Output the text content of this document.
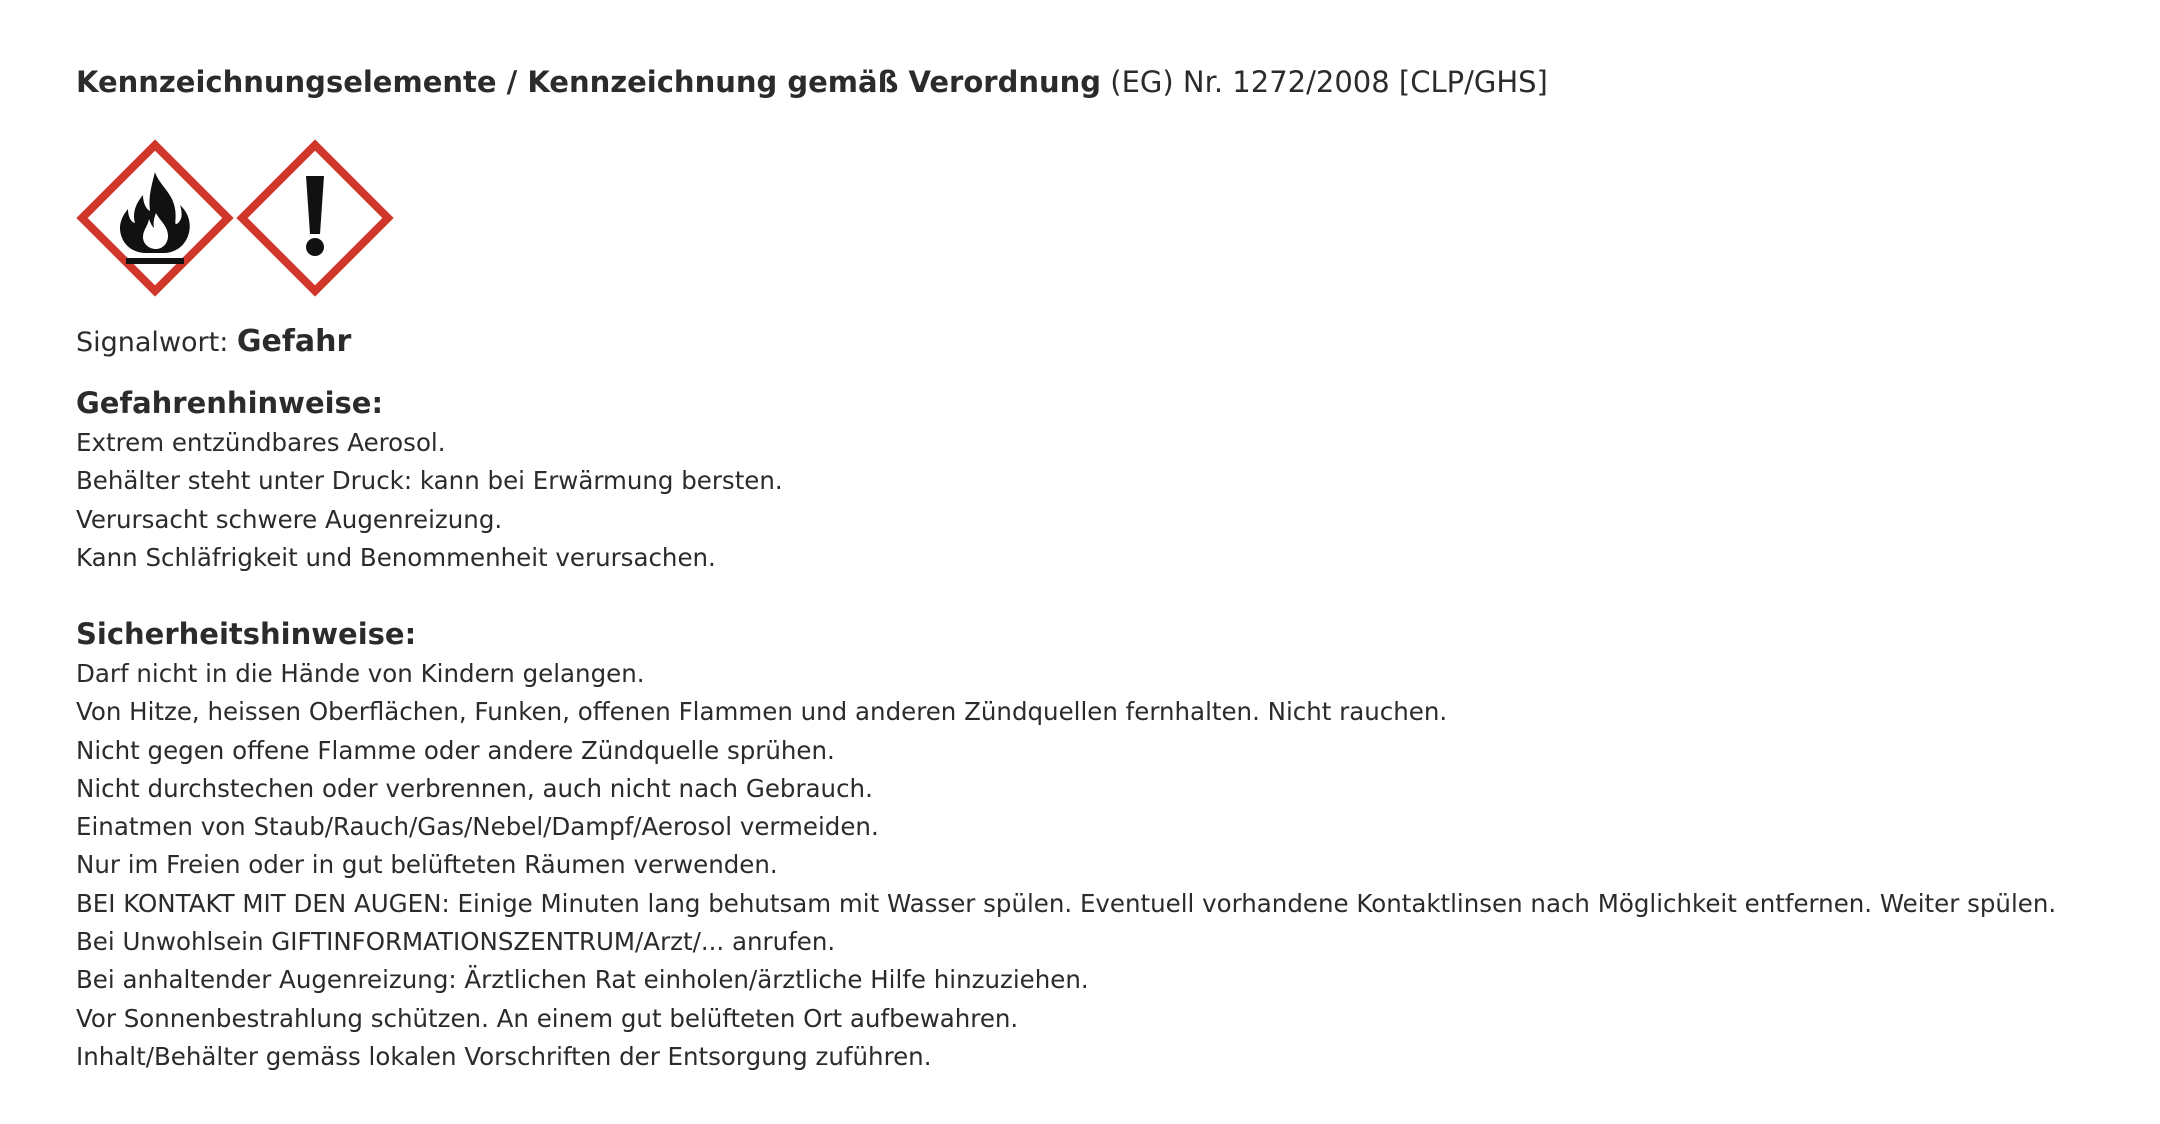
Kennzeichnungselemente / Kennzeichnung gemäß Verordnung (EG) Nr. 1272/2008 [CLP/GHS]

Signalwort: Gefahr
Gefahrenhinweise:
Extrem entzündbares Aerosol.
Behälter steht unter Druck: kann bei Erwärmung bersten.
Verursacht schwere Augenreizung.
Kann Schläfrigkeit und Benommenheit verursachen.
Sicherheitshinweise:
Darf nicht in die Hände von Kindern gelangen.
Von Hitze, heissen Oberflächen, Funken, offenen Flammen und anderen Zündquellen fernhalten. Nicht rauchen.
Nicht gegen offene Flamme oder andere Zündquelle sprühen.
Nicht durchstechen oder verbrennen, auch nicht nach Gebrauch.
Einatmen von Staub/Rauch/Gas/Nebel/Dampf/Aerosol vermeiden.
Nur im Freien oder in gut belüfteten Räumen verwenden.
BEI KONTAKT MIT DEN AUGEN: Einige Minuten lang behutsam mit Wasser spülen. Eventuell vorhandene Kontaktlinsen nach Möglichkeit entfernen. Weiter spülen.
Bei Unwohlsein GIFTINFORMATIONSZENTRUM/Arzt/... anrufen.
Bei anhaltender Augenreizung: Ärztlichen Rat einholen/ärztliche Hilfe hinzuziehen.
Vor Sonnenbestrahlung schützen. An einem gut belüfteten Ort aufbewahren.
Inhalt/Behälter gemäss lokalen Vorschriften der Entsorgung zuführen.
